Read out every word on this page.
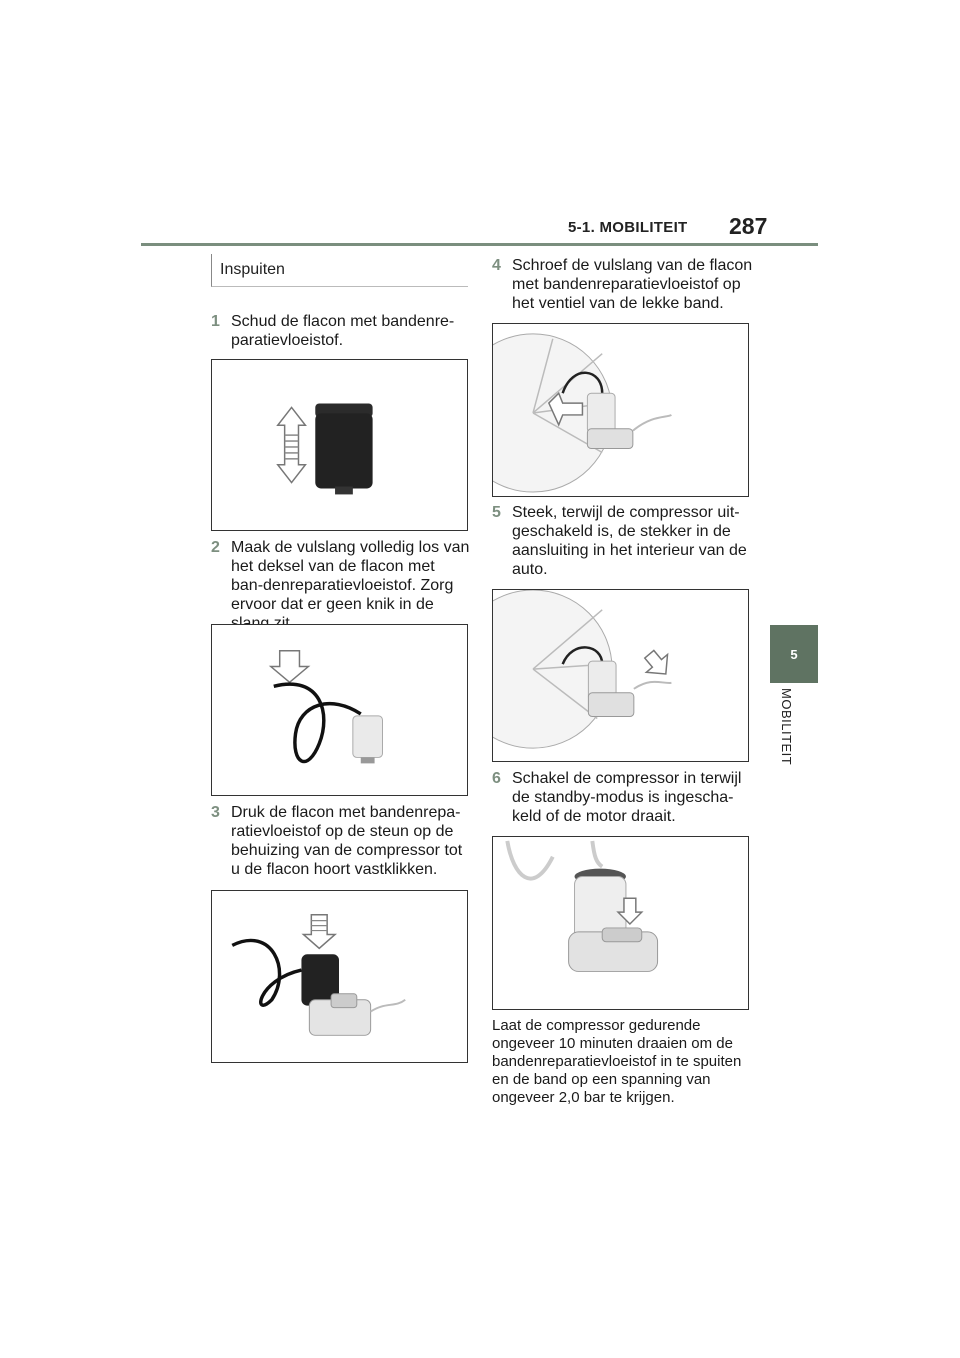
5-1. MOBILITEIT 287
5
MOBILITEIT
Inspuiten
1 Schud de flacon met bandenre-paratievloeistof.
2 Maak de vulslang volledig los van het deksel van de flacon met ban-denreparatievloeistof. Zorg ervoor dat er geen knik in de
3 Druk de flacon met bandenrepa-ratievloeistof op de steun op de behuizing van de compressor tot u de flacon hoort vastklikken.
4 Schroef de vulslang van de flacon met bandenreparatievloeistof op het ventiel van de lekke band.
5 Steek, terwijl de compressor uit-geschakeld is, de stekker in de aansluiting in het interieur van de auto.
6 Schakel de compressor in terwijl de standby-modus is ingescha-keld of de motor draait.
Laat de compressor gedurende ongeveer 10 minuten draaien om de bandenreparatievloeistof in te spuiten en de band op een spanning van ongeveer 2,0 bar te krijgen.
